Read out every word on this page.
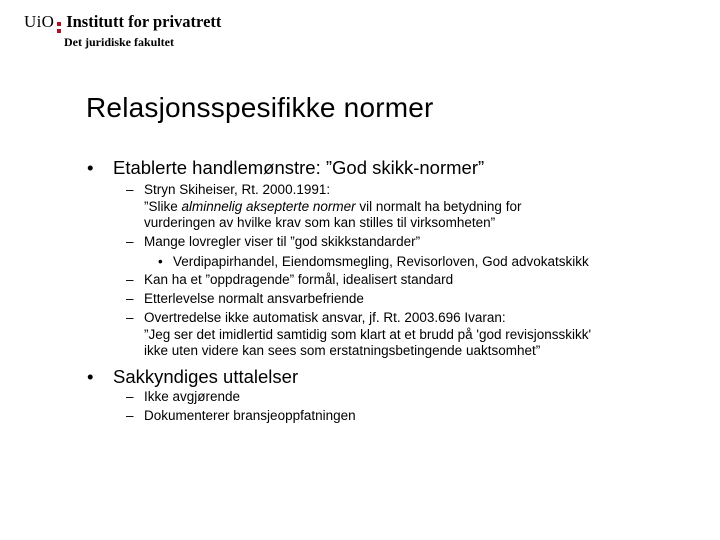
UiO Institutt for privatrett
Det juridiske fakultet
Relasjonsspesifikke normer
• Etablerte handlemønstre: ”God skikk-normer”
– Stryn Skiheiser, Rt. 2000.1991:
”Slike alminnelig aksepterte normer vil normalt ha betydning for
vurderingen av hvilke krav som kan stilles til virksomheten”
– Mange lovregler viser til ”god skikkstandarder”
• Verdipapirhandel, Eiendomsmegling, Revisorloven, God advokatskikk
– Kan ha et ”oppdragende” formål, idealisert standard
– Etterlevelse normalt ansvarbefriende
– Overtredelse ikke automatisk ansvar, jf. Rt. 2003.696 Ivaran:
”Jeg ser det imidlertid samtidig som klart at et brudd på 'god revisjonsskikk'
ikke uten videre kan sees som erstatningsbetingende uaktsomhet”
• Sakkyndiges uttalelser
– Ikke avgjørende
– Dokumenterer bransjeoppfatningen
